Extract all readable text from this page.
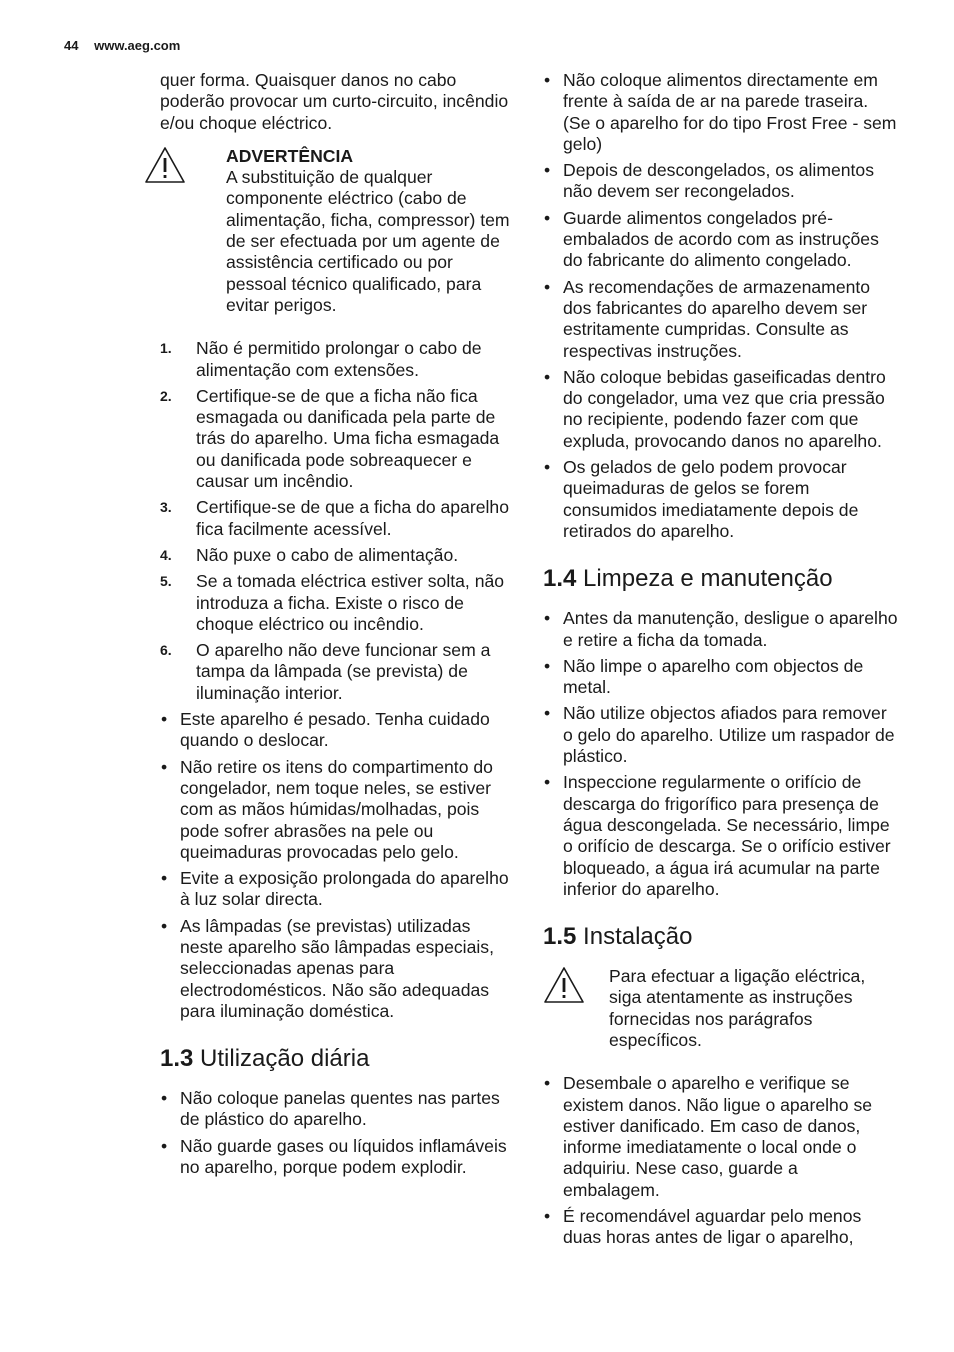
44 www.aeg.com

quer forma. Quaisquer danos no cabo poderão provocar um curto-circuito, incêndio e/ou choque eléctrico.

ADVERTÊNCIA
A substituição de qualquer componente eléctrico (cabo de alimentação, ficha, compressor) tem de ser efectuada por um agente de assistência certificado ou por pessoal técnico qualificado, para evitar perigos.
1. Não é permitido prolongar o cabo de alimentação com extensões.
2. Certifique-se de que a ficha não fica esmagada ou danificada pela parte de trás do aparelho. Uma ficha esmagada ou danificada pode sobreaquecer e causar um incêndio.
3. Certifique-se de que a ficha do aparelho fica facilmente acessível.
4. Não puxe o cabo de alimentação.
5. Se a tomada eléctrica estiver solta, não introduza a ficha. Existe o risco de choque eléctrico ou incêndio.
6. O aparelho não deve funcionar sem a tampa da lâmpada (se prevista) de iluminação interior.
• Este aparelho é pesado. Tenha cuidado quando o deslocar.
• Não retire os itens do compartimento do congelador, nem toque neles, se estiver com as mãos húmidas/molhadas, pois pode sofrer abrasões na pele ou queimaduras provocadas pelo gelo.
• Evite a exposição prolongada do aparelho à luz solar directa.
• As lâmpadas (se previstas) utilizadas neste aparelho são lâmpadas especiais, seleccionadas apenas para electrodomésticos. Não são adequadas para iluminação doméstica.
1.3 Utilização diária
• Não coloque panelas quentes nas partes de plástico do aparelho.
• Não guarde gases ou líquidos inflamáveis no aparelho, porque podem explodir.
• Não coloque alimentos directamente em frente à saída de ar na parede traseira. (Se o aparelho for do tipo Frost Free - sem gelo)
• Depois de descongelados, os alimentos não devem ser recongelados.
• Guarde alimentos congelados pré-embalados de acordo com as instruções do fabricante do alimento congelado.
• As recomendações de armazenamento dos fabricantes do aparelho devem ser estritamente cumpridas. Consulte as respectivas instruções.
• Não coloque bebidas gaseificadas dentro do congelador, uma vez que cria pressão no recipiente, podendo fazer com que expluda, provocando danos no aparelho.
• Os gelados de gelo podem provocar queimaduras de gelos se forem consumidos imediatamente depois de retirados do aparelho.
1.4 Limpeza e manutenção
• Antes da manutenção, desligue o aparelho e retire a ficha da tomada.
• Não limpe o aparelho com objectos de metal.
• Não utilize objectos afiados para remover o gelo do aparelho. Utilize um raspador de plástico.
• Inspeccione regularmente o orifício de descarga do frigorífico para presença de água descongelada. Se necessário, limpe o orifício de descarga. Se o orifício estiver bloqueado, a água irá acumular na parte inferior do aparelho.
1.5 Instalação
Para efectuar a ligação eléctrica, siga atentamente as instruções fornecidas nos parágrafos específicos.
• Desembale o aparelho e verifique se existem danos. Não ligue o aparelho se estiver danificado. Em caso de danos, informe imediatamente o local onde o adquiriu. Nese caso, guarde a embalagem.
• É recomendável aguardar pelo menos duas horas antes de ligar o aparelho,
